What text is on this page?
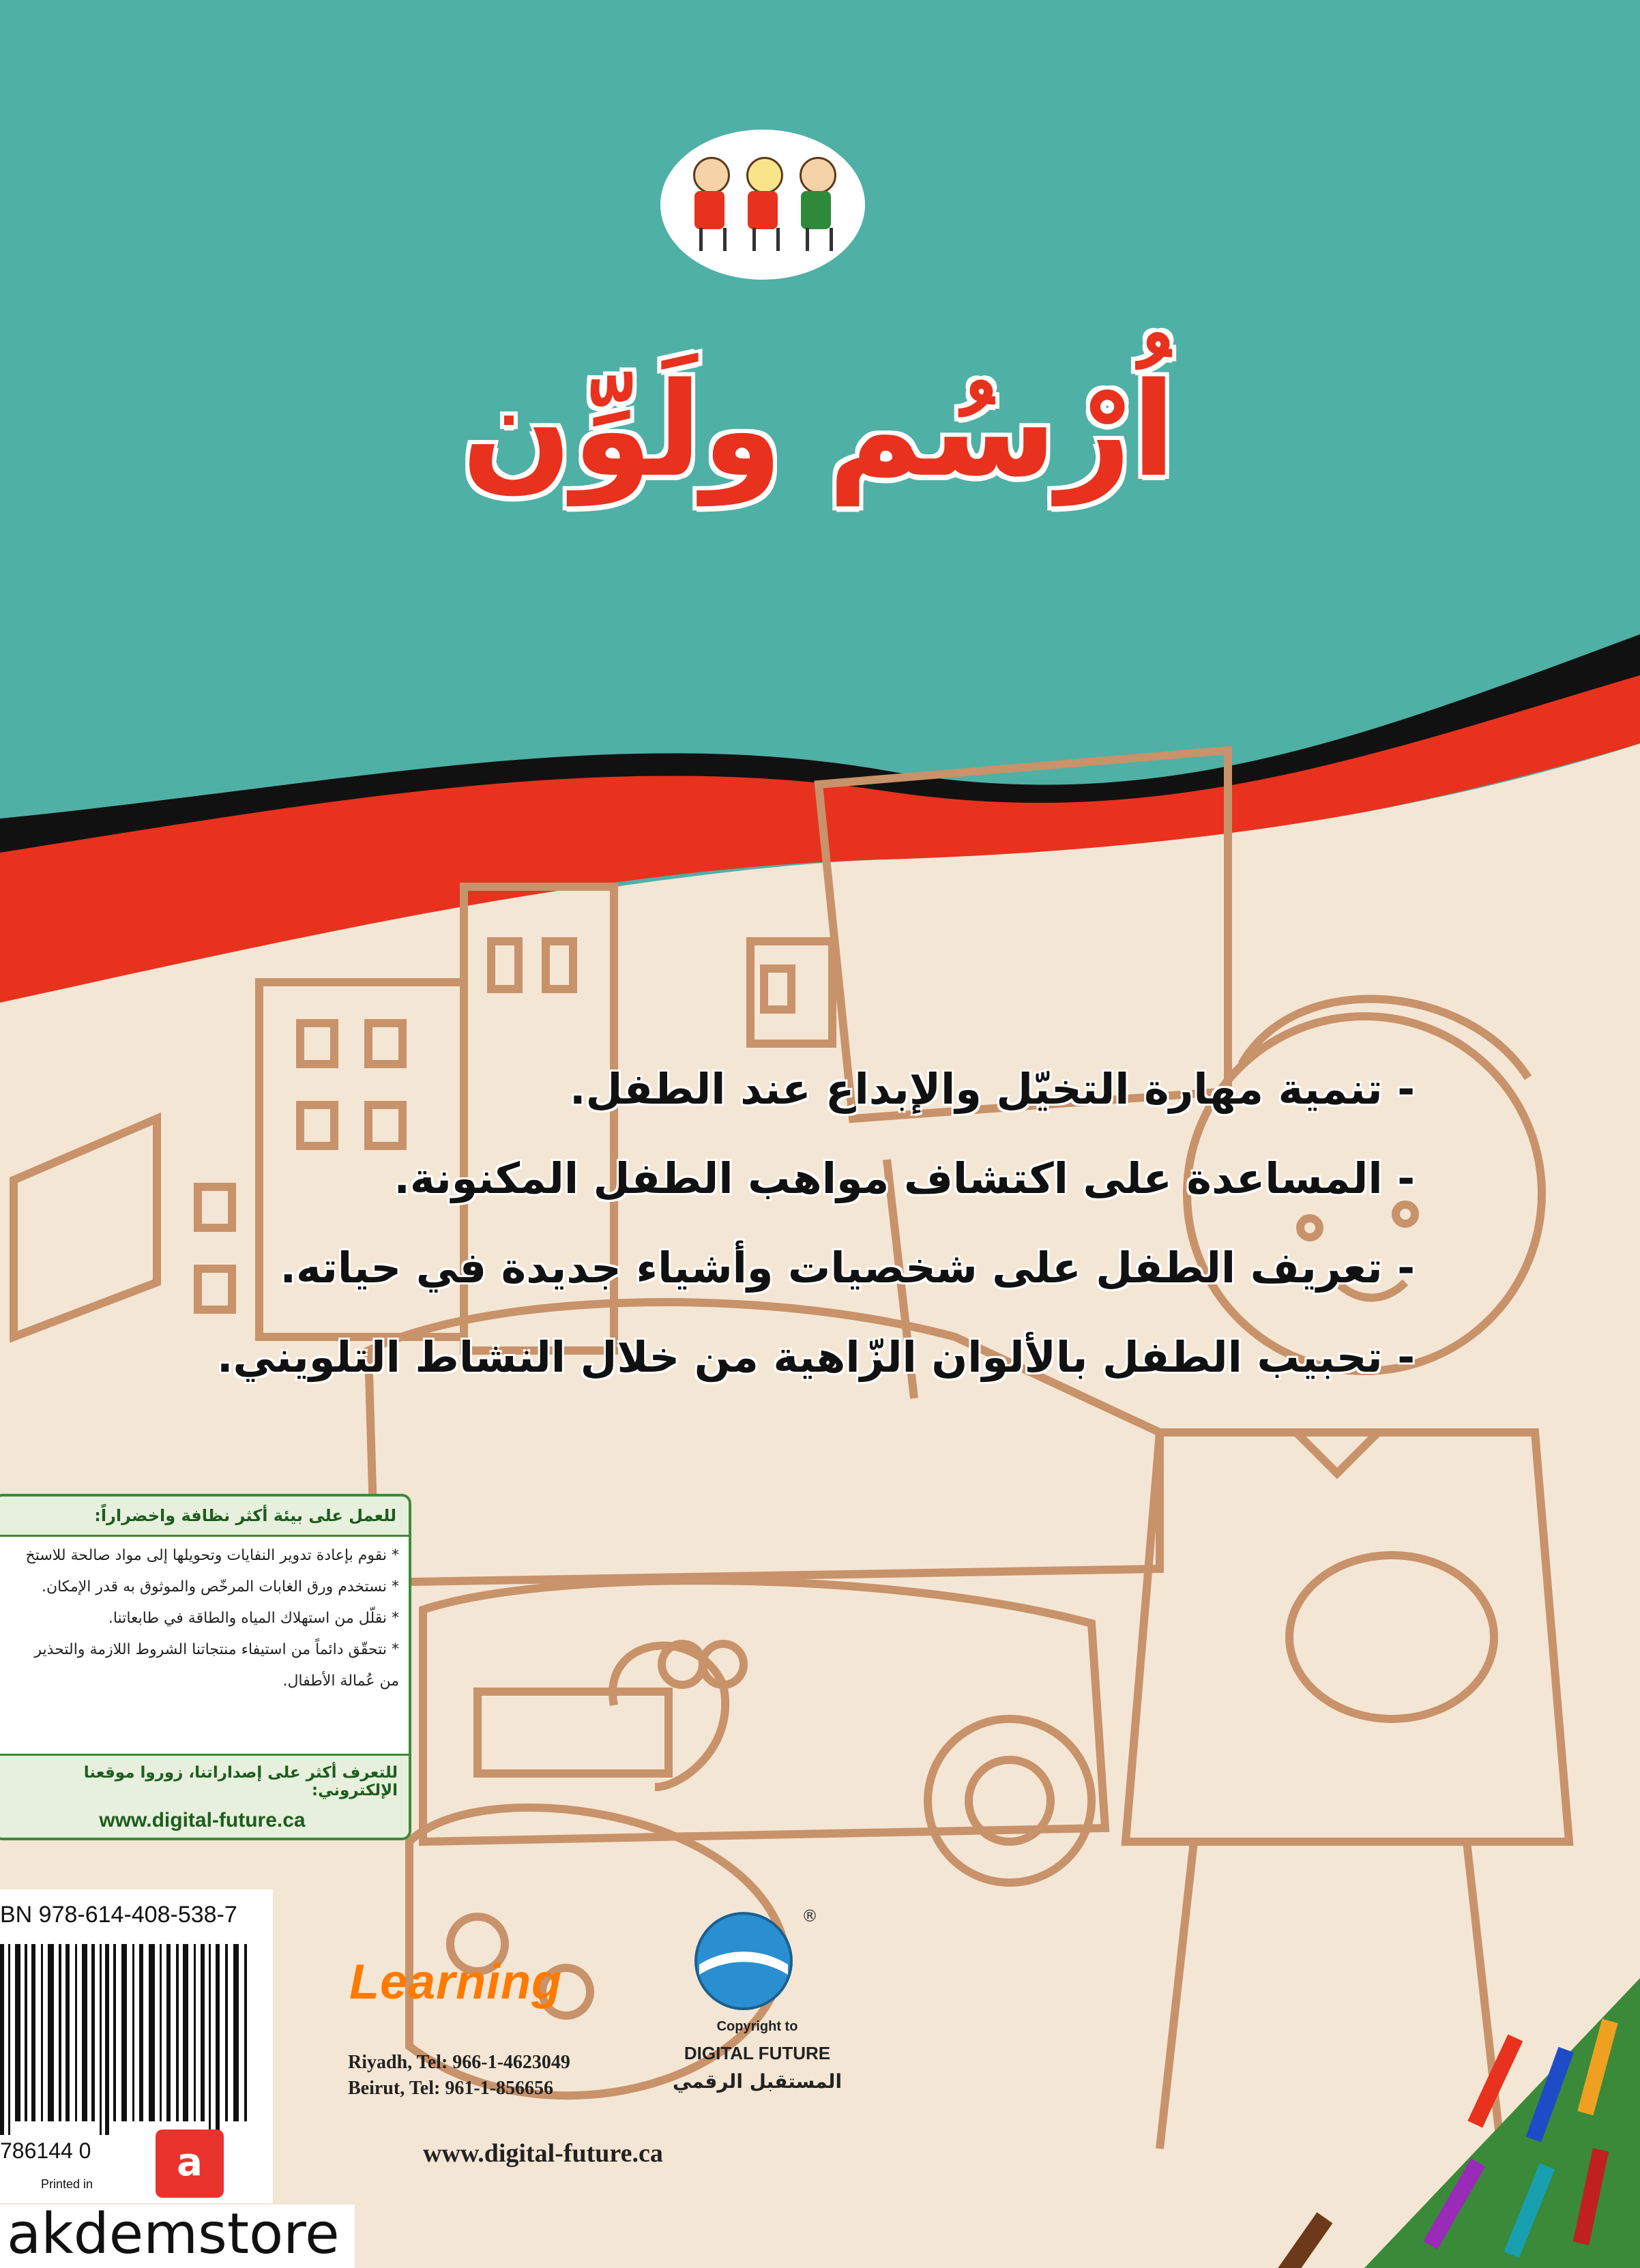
اُرْسُم ولَوِّن
- تنمية مهارة التخيّل والإبداع عند الطفل.
- المساعدة على اكتشاف مواهب الطفل المكنونة.
- تعريف الطفل على شخصيات وأشياء جديدة في حياته.
- تحبيب الطفل بالألوان الزّاهية من خلال النشاط التلويني.
للعمل على بيئة أكثر نظافة واخضراراً:
* نقوم بإعادة تدوير النفايات وتحويلها إلى مواد صالحة للاستخ
* نستخدم ورق الغابات المرخّص والموثوق به قدر الإمكان.
* نقلّل من استهلاك المياه والطاقة في طابعاتنا.
* نتحقّق دائماً من استيفاء منتجاتنا الشروط اللازمة والتحذير
من عُمالة الأطفال.
للتعرف أكثر على إصداراتنا، زوروا موقعنا الإلكتروني:
www.digital-future.ca
BN 978-614-408-538-7
786144 0
Printed in
Learning
Riyadh, Tel: 966-1-4623049
Beirut, Tel: 961-1-856656
®
Copyright to
DIGITAL FUTURE
المستقبل الرقمي
www.digital-future.ca
a
akdemstore
